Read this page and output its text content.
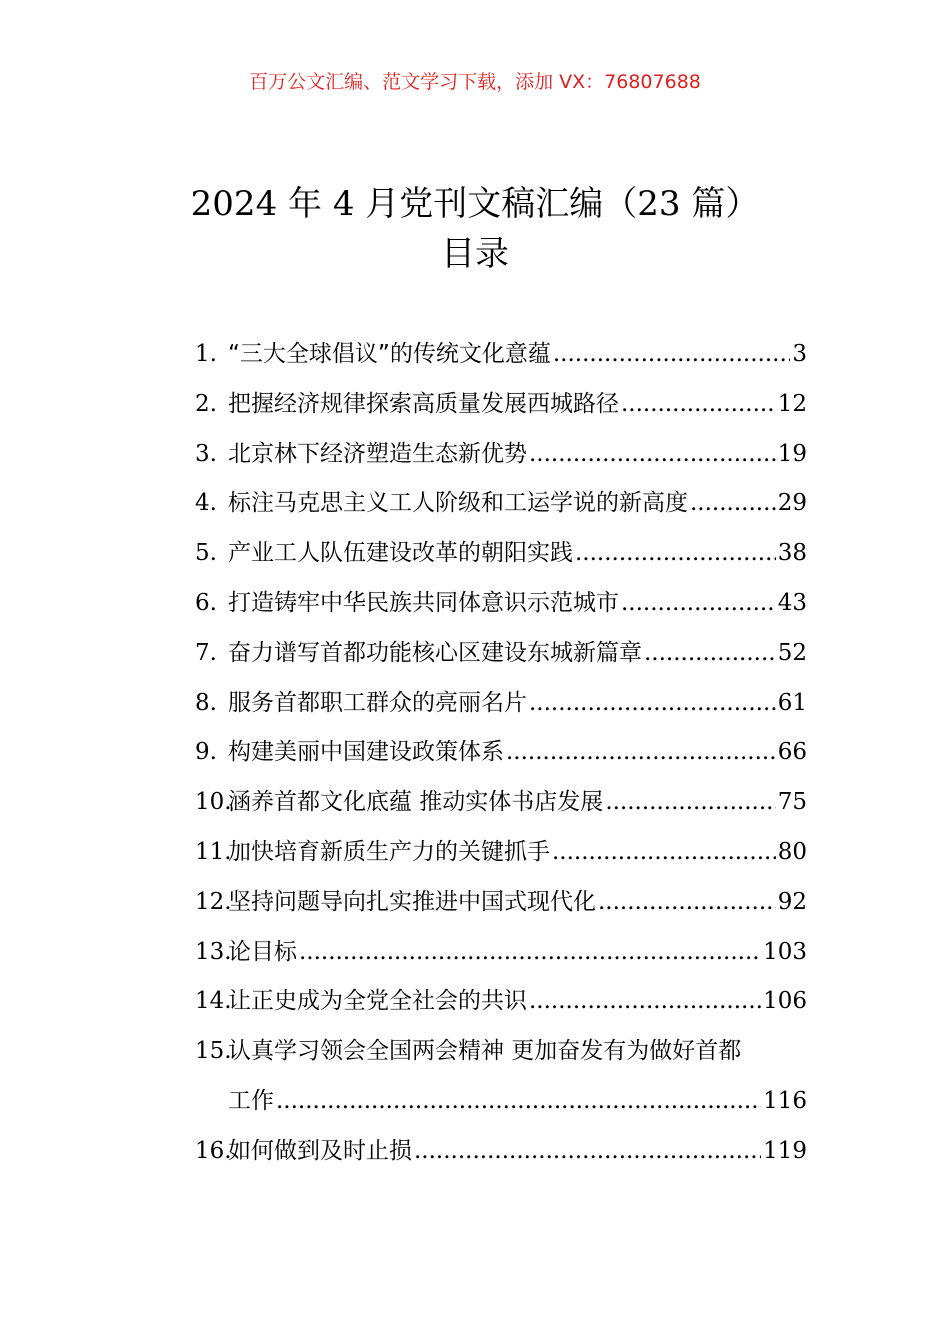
百万公文汇编、范文学习下载，添加 VX：76807688
2024 年 4 月党刊文稿汇编（23 篇）
目录
1. “三大全球倡议”的传统文化意蕴 .....	3
2. 把握经济规律探索高质量发展西城路径 .....	12
3. 北京林下经济塑造生态新优势 .....	19
4. 标注马克思主义工人阶级和工运学说的新高度 .....	29
5. 产业工人队伍建设改革的朝阳实践 .....	38
6. 打造铸牢中华民族共同体意识示范城市 .....	43
7. 奋力谱写首都功能核心区建设东城新篇章 .....	52
8. 服务首都职工群众的亮丽名片 .....	61
9. 构建美丽中国建设政策体系 .....	66
10.
涵养首都文化底蕴 推动实体书店发展 .....	75
11.
加快培育新质生产力的关键抓手 .....	80
12.
坚持问题导向扎实推进中国式现代化 .....	92
13.
论目标 .....	103
14.
让正史成为全党全社会的共识 .....	106
15.
认真学习领会全国两会精神 更加奋发有为做好首都
工作 .....	116
16.
如何做到及时止损 .....	119
